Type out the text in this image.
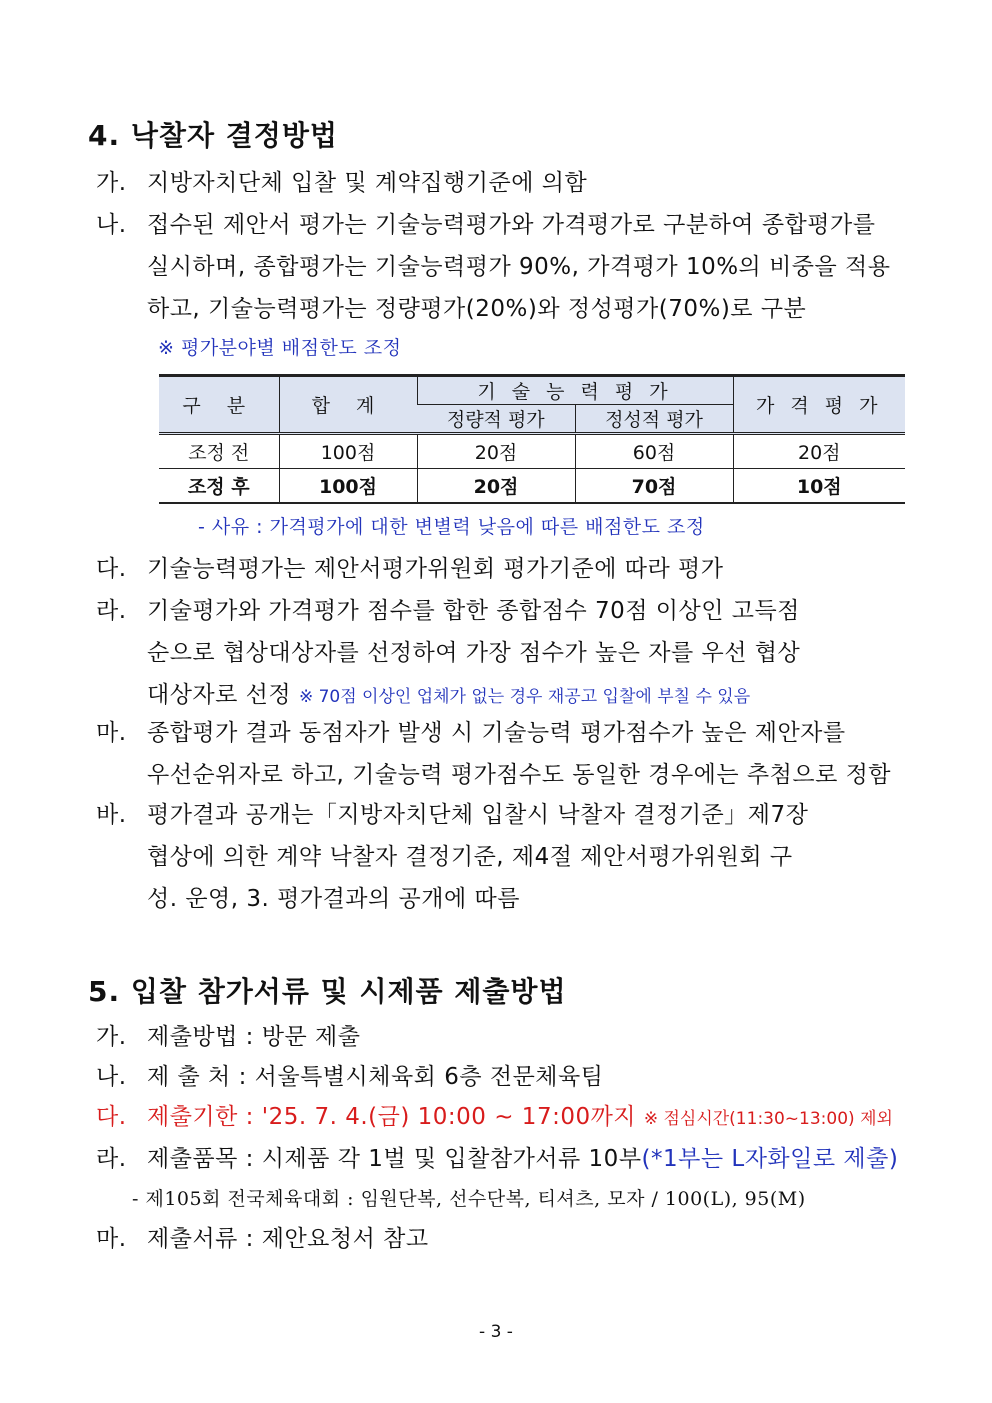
4. 낙찰자 결정방법
가. 지방자치단체 입찰 및 계약집행기준에 의함
나. 접수된 제안서 평가는 기술능력평가와 가격평가로 구분하여 종합평가를
실시하며, 종합평가는 기술능력평가 90%, 가격평가 10%의 비중을 적용
하고, 기술능력평가는 정량평가(20%)와 정성평가(70%)로 구분
※ 평가분야별 배점한도 조정
구 분	합 계	기 술 능 력 평 가		가 격 평 가
		정량적 평가	정성적 평가	
조정 전	100점	20점	60점	20점
조정 후	100점	20점	70점	10점
- 사유 : 가격평가에 대한 변별력 낮음에 따른 배점한도 조정
다. 기술능력평가는 제안서평가위원회 평가기준에 따라 평가
라. 기술평가와 가격평가 점수를 합한 종합점수 70점 이상인 고득점
순으로 협상대상자를 선정하여 가장 점수가 높은 자를 우선 협상
대상자로 선정 ※ 70점 이상인 업체가 없는 경우 재공고 입찰에 부칠 수 있음
마. 종합평가 결과 동점자가 발생 시 기술능력 평가점수가 높은 제안자를
우선순위자로 하고, 기술능력 평가점수도 동일한 경우에는 추첨으로 정함
바. 평가결과 공개는「지방자치단체 입찰시 낙찰자 결정기준」제7장
협상에 의한 계약 낙찰자 결정기준, 제4절 제안서평가위원회 구
성. 운영, 3. 평가결과의 공개에 따름
5. 입찰 참가서류 및 시제품 제출방법
가. 제출방법 : 방문 제출
나. 제 출 처 : 서울특별시체육회 6층 전문체육팀
다. 제출기한 : '25. 7. 4.(금) 10:00 ~ 17:00까지 ※ 점심시간(11:30~13:00) 제외
라. 제출품목 : 시제품 각 1벌 및 입찰참가서류 10부(*1부는 L자화일로 제출)
- 제105회 전국체육대회 : 임원단복, 선수단복, 티셔츠, 모자 / 100(L), 95(M)
마. 제출서류 : 제안요청서 참고
- 3 -
